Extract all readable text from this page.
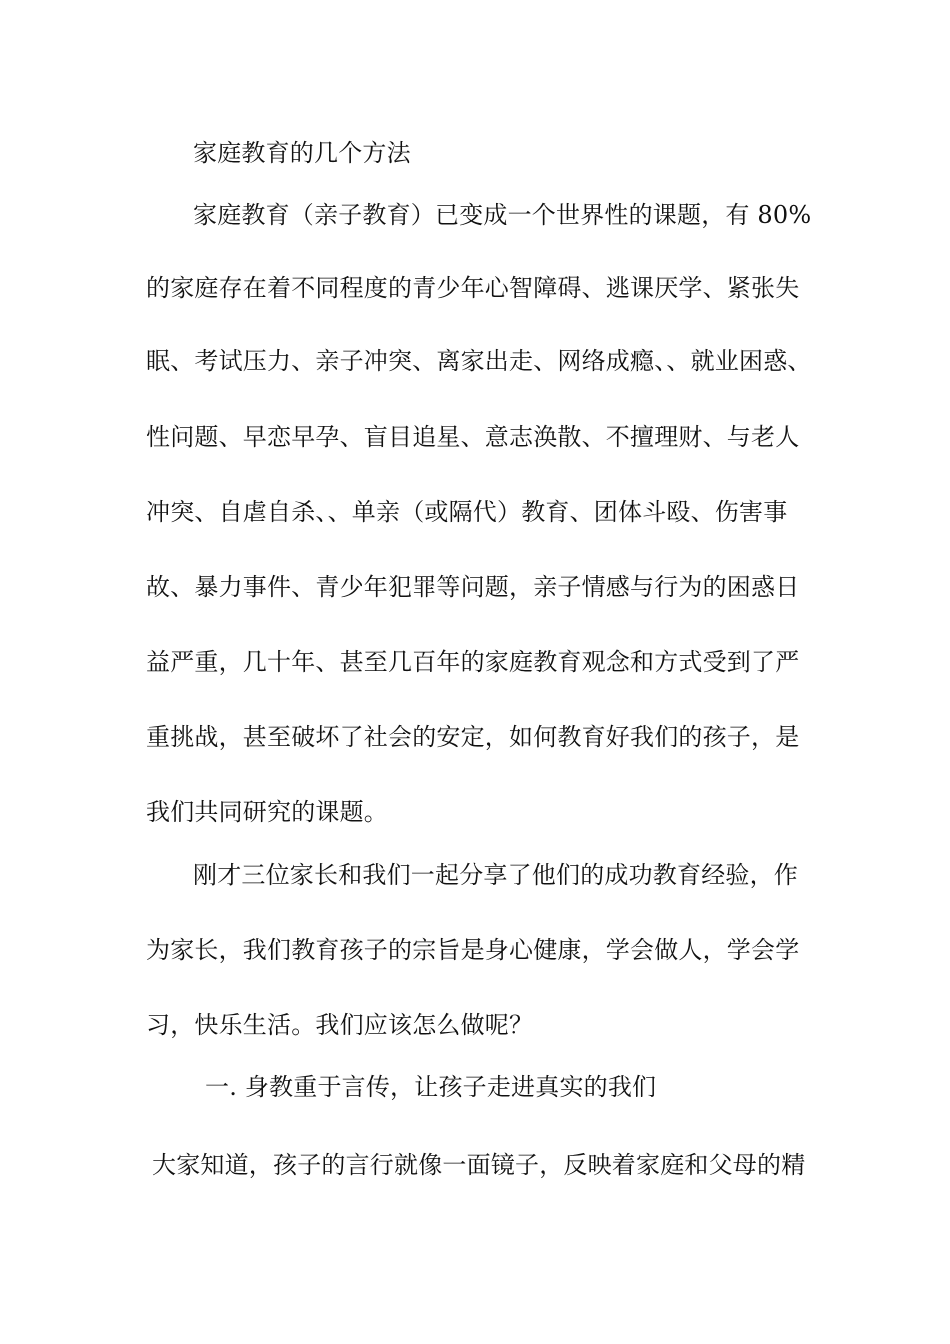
家庭教育的几个方法
家庭教育（亲子教育）已变成一个世界性的课题，有 80%
的家庭存在着不同程度的青少年心智障碍、逃课厌学、紧张失
眠、考试压力、亲子冲突、离家出走、网络成瘾、、就业困惑、
性问题、早恋早孕、盲目追星、意志涣散、不擅理财、与老人
冲突、自虐自杀、、单亲（或隔代）教育、团体斗殴、伤害事
故、暴力事件、青少年犯罪等问题，亲子情感与行为的困惑日
益严重，几十年、甚至几百年的家庭教育观念和方式受到了严
重挑战，甚至破坏了社会的安定，如何教育好我们的孩子，是
我们共同研究的课题。
刚才三位家长和我们一起分享了他们的成功教育经验，作
为家长，我们教育孩子的宗旨是身心健康，学会做人，学会学
习，快乐生活。我们应该怎么做呢？
一. 身教重于言传，让孩子走进真实的我们
大家知道，孩子的言行就像一面镜子，反映着家庭和父母的精
